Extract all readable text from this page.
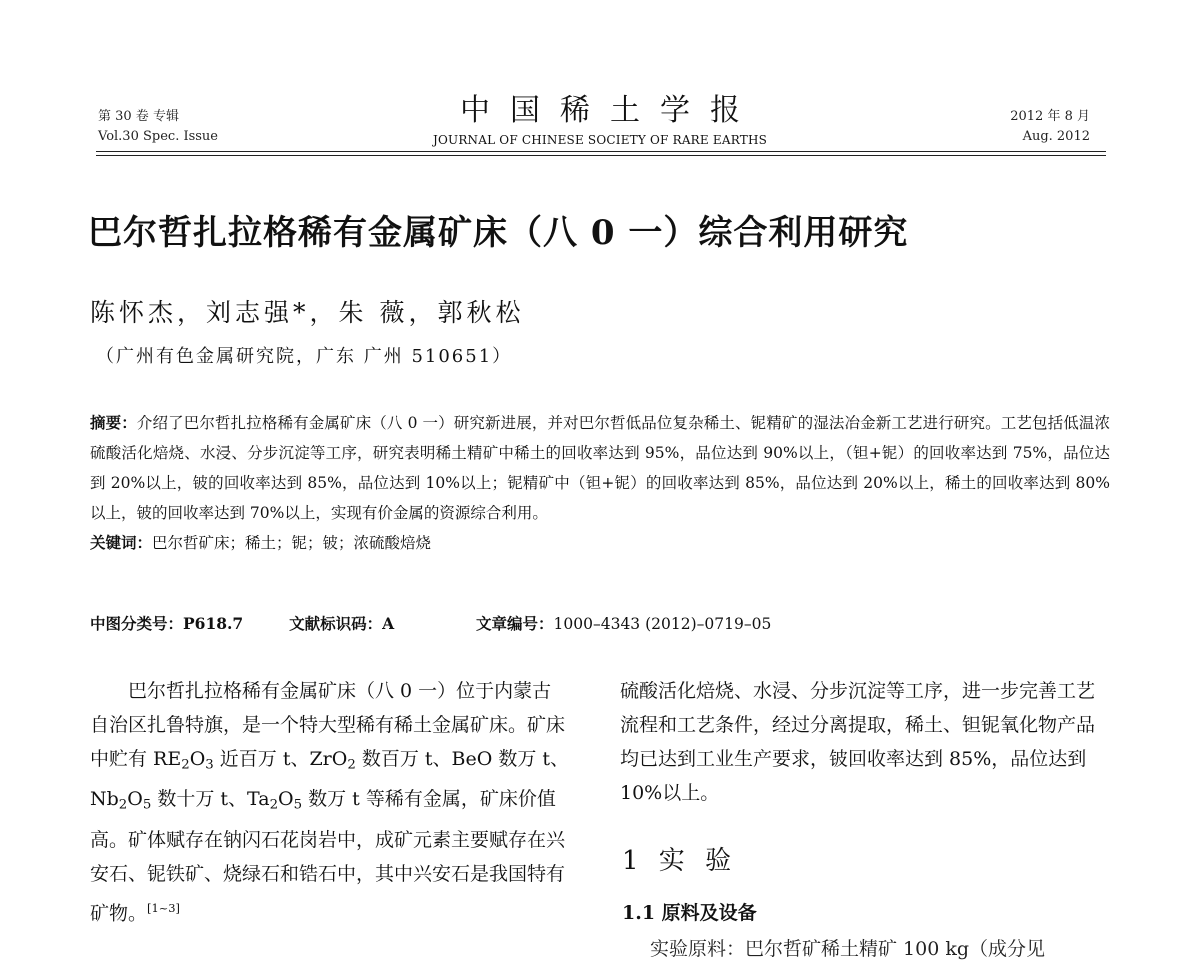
第 30 卷 专辑
Vol.30 Spec. Issue
中国稀土学报
JOURNAL OF CHINESE SOCIETY OF RARE EARTHS
2012 年 8 月
Aug. 2012
巴尔哲扎拉格稀有金属矿床（八 0 一）综合利用研究
陈怀杰，刘志强*，朱 薇，郭秋松
（广州有色金属研究院，广东 广州 510651）
摘要：介绍了巴尔哲扎拉格稀有金属矿床（八 0 一）研究新进展，并对巴尔哲低品位复杂稀土、铌精矿的湿法冶金新工艺进行研究。工艺包括低温浓硫酸活化焙烧、水浸、分步沉淀等工序，研究表明稀土精矿中稀土的回收率达到 95%，品位达到 90%以上，（钽+铌）的回收率达到 75%，品位达到 20%以上，铍的回收率达到 85%，品位达到 10%以上；铌精矿中（钽+铌）的回收率达到 85%，品位达到 20%以上，稀土的回收率达到 80%以上，铍的回收率达到 70%以上，实现有价金属的资源综合利用。
关键词：巴尔哲矿床；稀土；铌；铍；浓硫酸焙烧
中图分类号：P618.7	文献标识码：A	文章编号：1000–4343 (2012)–0719–05
巴尔哲扎拉格稀有金属矿床（八 0 一）位于内蒙古自治区扎鲁特旗，是一个特大型稀有稀土金属矿床。矿床中贮有 $RE_2O_3$ 近百万 t、ZrO$_2$ 数百万 t、BeO 数万 t、$Nb_2O_5$ 数十万 t、$Ta_2O_5$ 数万 t 等稀有金属，矿床价值高。矿体赋存在钠闪石花岗岩中，成矿元素主要赋存在兴安石、铌铁矿、烧绿石和锆石中，其中兴安石是我国特有矿物。[1~3]
硫酸活化焙烧、水浸、分步沉淀等工序，进一步完善工艺流程和工艺条件，经过分离提取，稀土、钽铌氧化物产品均已达到工业生产要求，铍回收率达到 85%，品位达到 10%以上。
1 实 验
1.1 原料及设备
实验原料：巴尔哲矿稀土精矿 100 kg（成分见
